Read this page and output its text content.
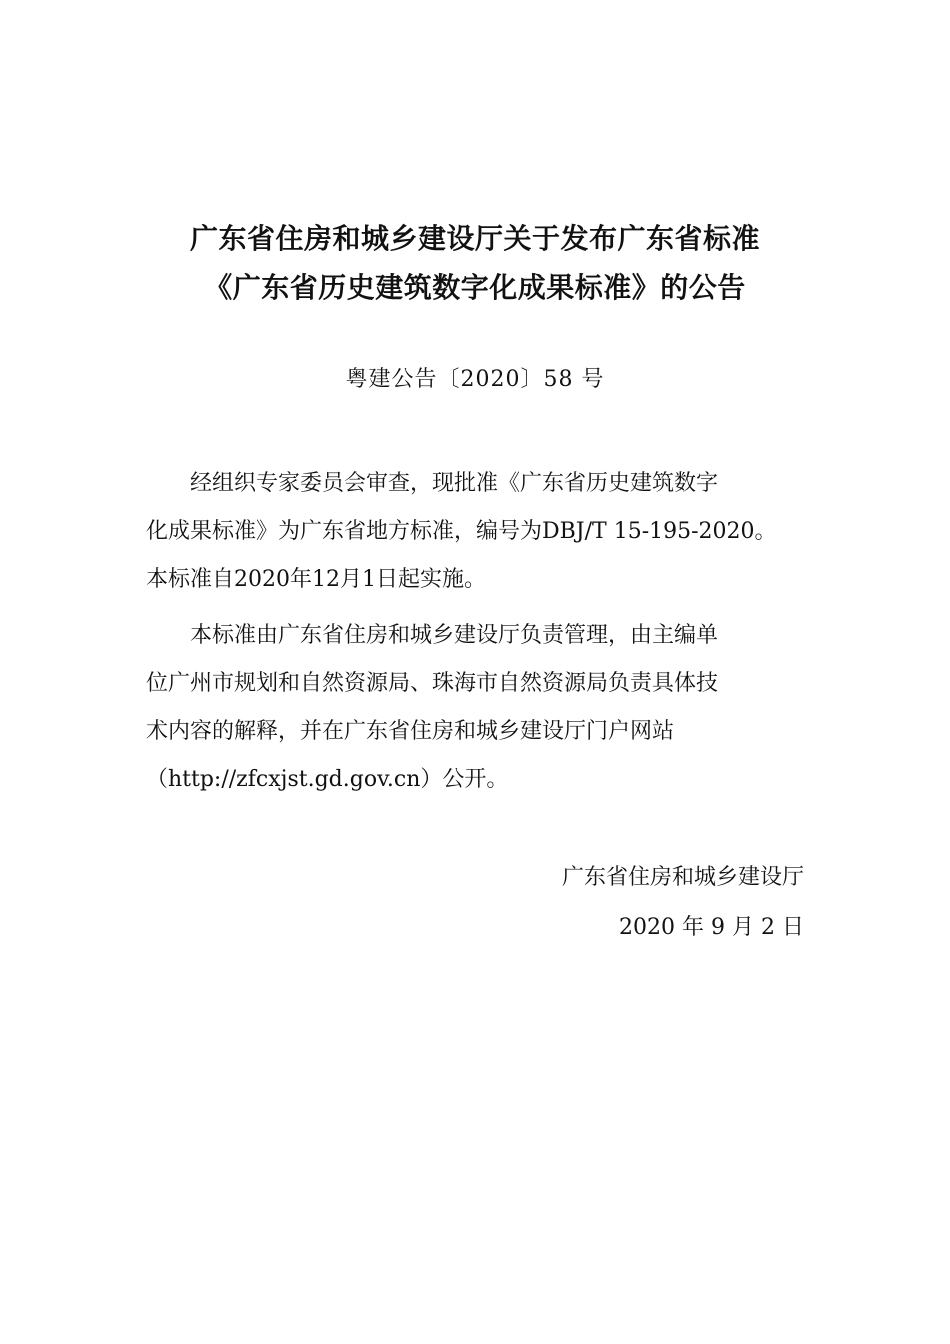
广东省住房和城乡建设厅关于发布广东省标准
《广东省历史建筑数字化成果标准》的公告
粤建公告〔2020〕58 号
经组织专家委员会审查，现批准《广东省历史建筑数字
化成果标准》为广东省地方标准，编号为DBJ/T 15-195-2020。
本标准自2020年12月1日起实施。
本标准由广东省住房和城乡建设厅负责管理，由主编单
位广州市规划和自然资源局、珠海市自然资源局负责具体技
术内容的解释，并在广东省住房和城乡建设厅门户网站
（http://zfcxjst.gd.gov.cn）公开。
广东省住房和城乡建设厅
2020 年 9 月 2 日
